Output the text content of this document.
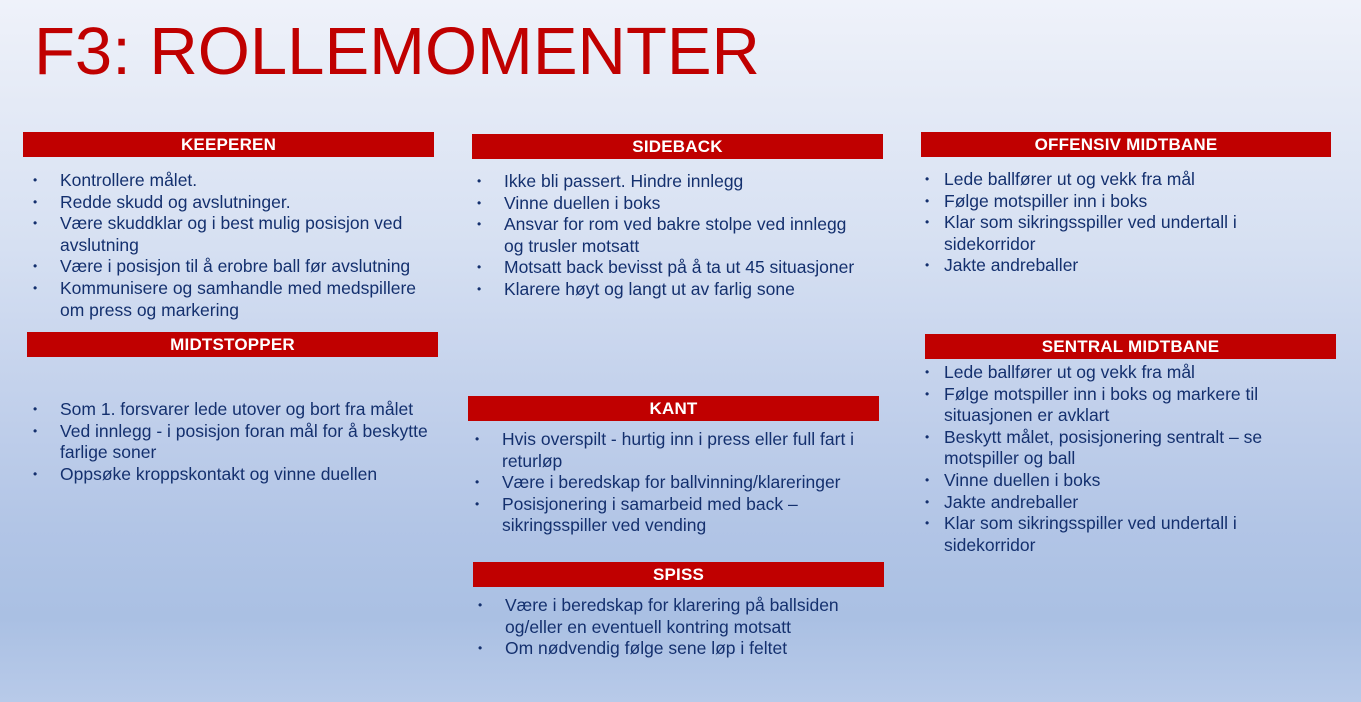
F3: ROLLEMOMENTER
KEEPEREN
• Kontrollere målet.
• Redde skudd og avslutninger.
• Være skuddklar og i best mulig posisjon ved avslutning
• Være i posisjon til å erobre ball før avslutning
• Kommunisere og samhandle med medspillere om press og markering
MIDTSTOPPER
• Som 1. forsvarer lede utover og bort fra målet
• Ved innlegg - i posisjon foran mål for å beskytte farlige soner
• Oppsøke kroppskontakt og vinne duellen
SIDEBACK
• Ikke bli passert. Hindre innlegg
• Vinne duellen i boks
• Ansvar for rom ved bakre stolpe ved innlegg og trusler motsatt
• Motsatt back bevisst på å ta ut 45 situasjoner
• Klarere høyt og langt ut av farlig sone
KANT
• Hvis overspilt - hurtig inn i press eller full fart i returløp
• Være i beredskap for ballvinning/klareringer
• Posisjonering i samarbeid med back – sikringsspiller ved vending
SPISS
• Være i beredskap for klarering på ballsiden og/eller en eventuell kontring motsatt
• Om nødvendig følge sene løp i feltet
OFFENSIV MIDTBANE
• Lede ballfører ut og vekk fra mål
• Følge motspiller inn i boks
• Klar som sikringsspiller ved undertall i sidekorridor
• Jakte andreballer
SENTRAL MIDTBANE
• Lede ballfører ut og vekk fra mål
• Følge motspiller inn i boks og markere til situasjonen er avklart
• Beskytt målet, posisjonering sentralt – se motspiller og ball
• Vinne duellen i boks
• Jakte andreballer
• Klar som sikringsspiller ved undertall i sidekorridor
